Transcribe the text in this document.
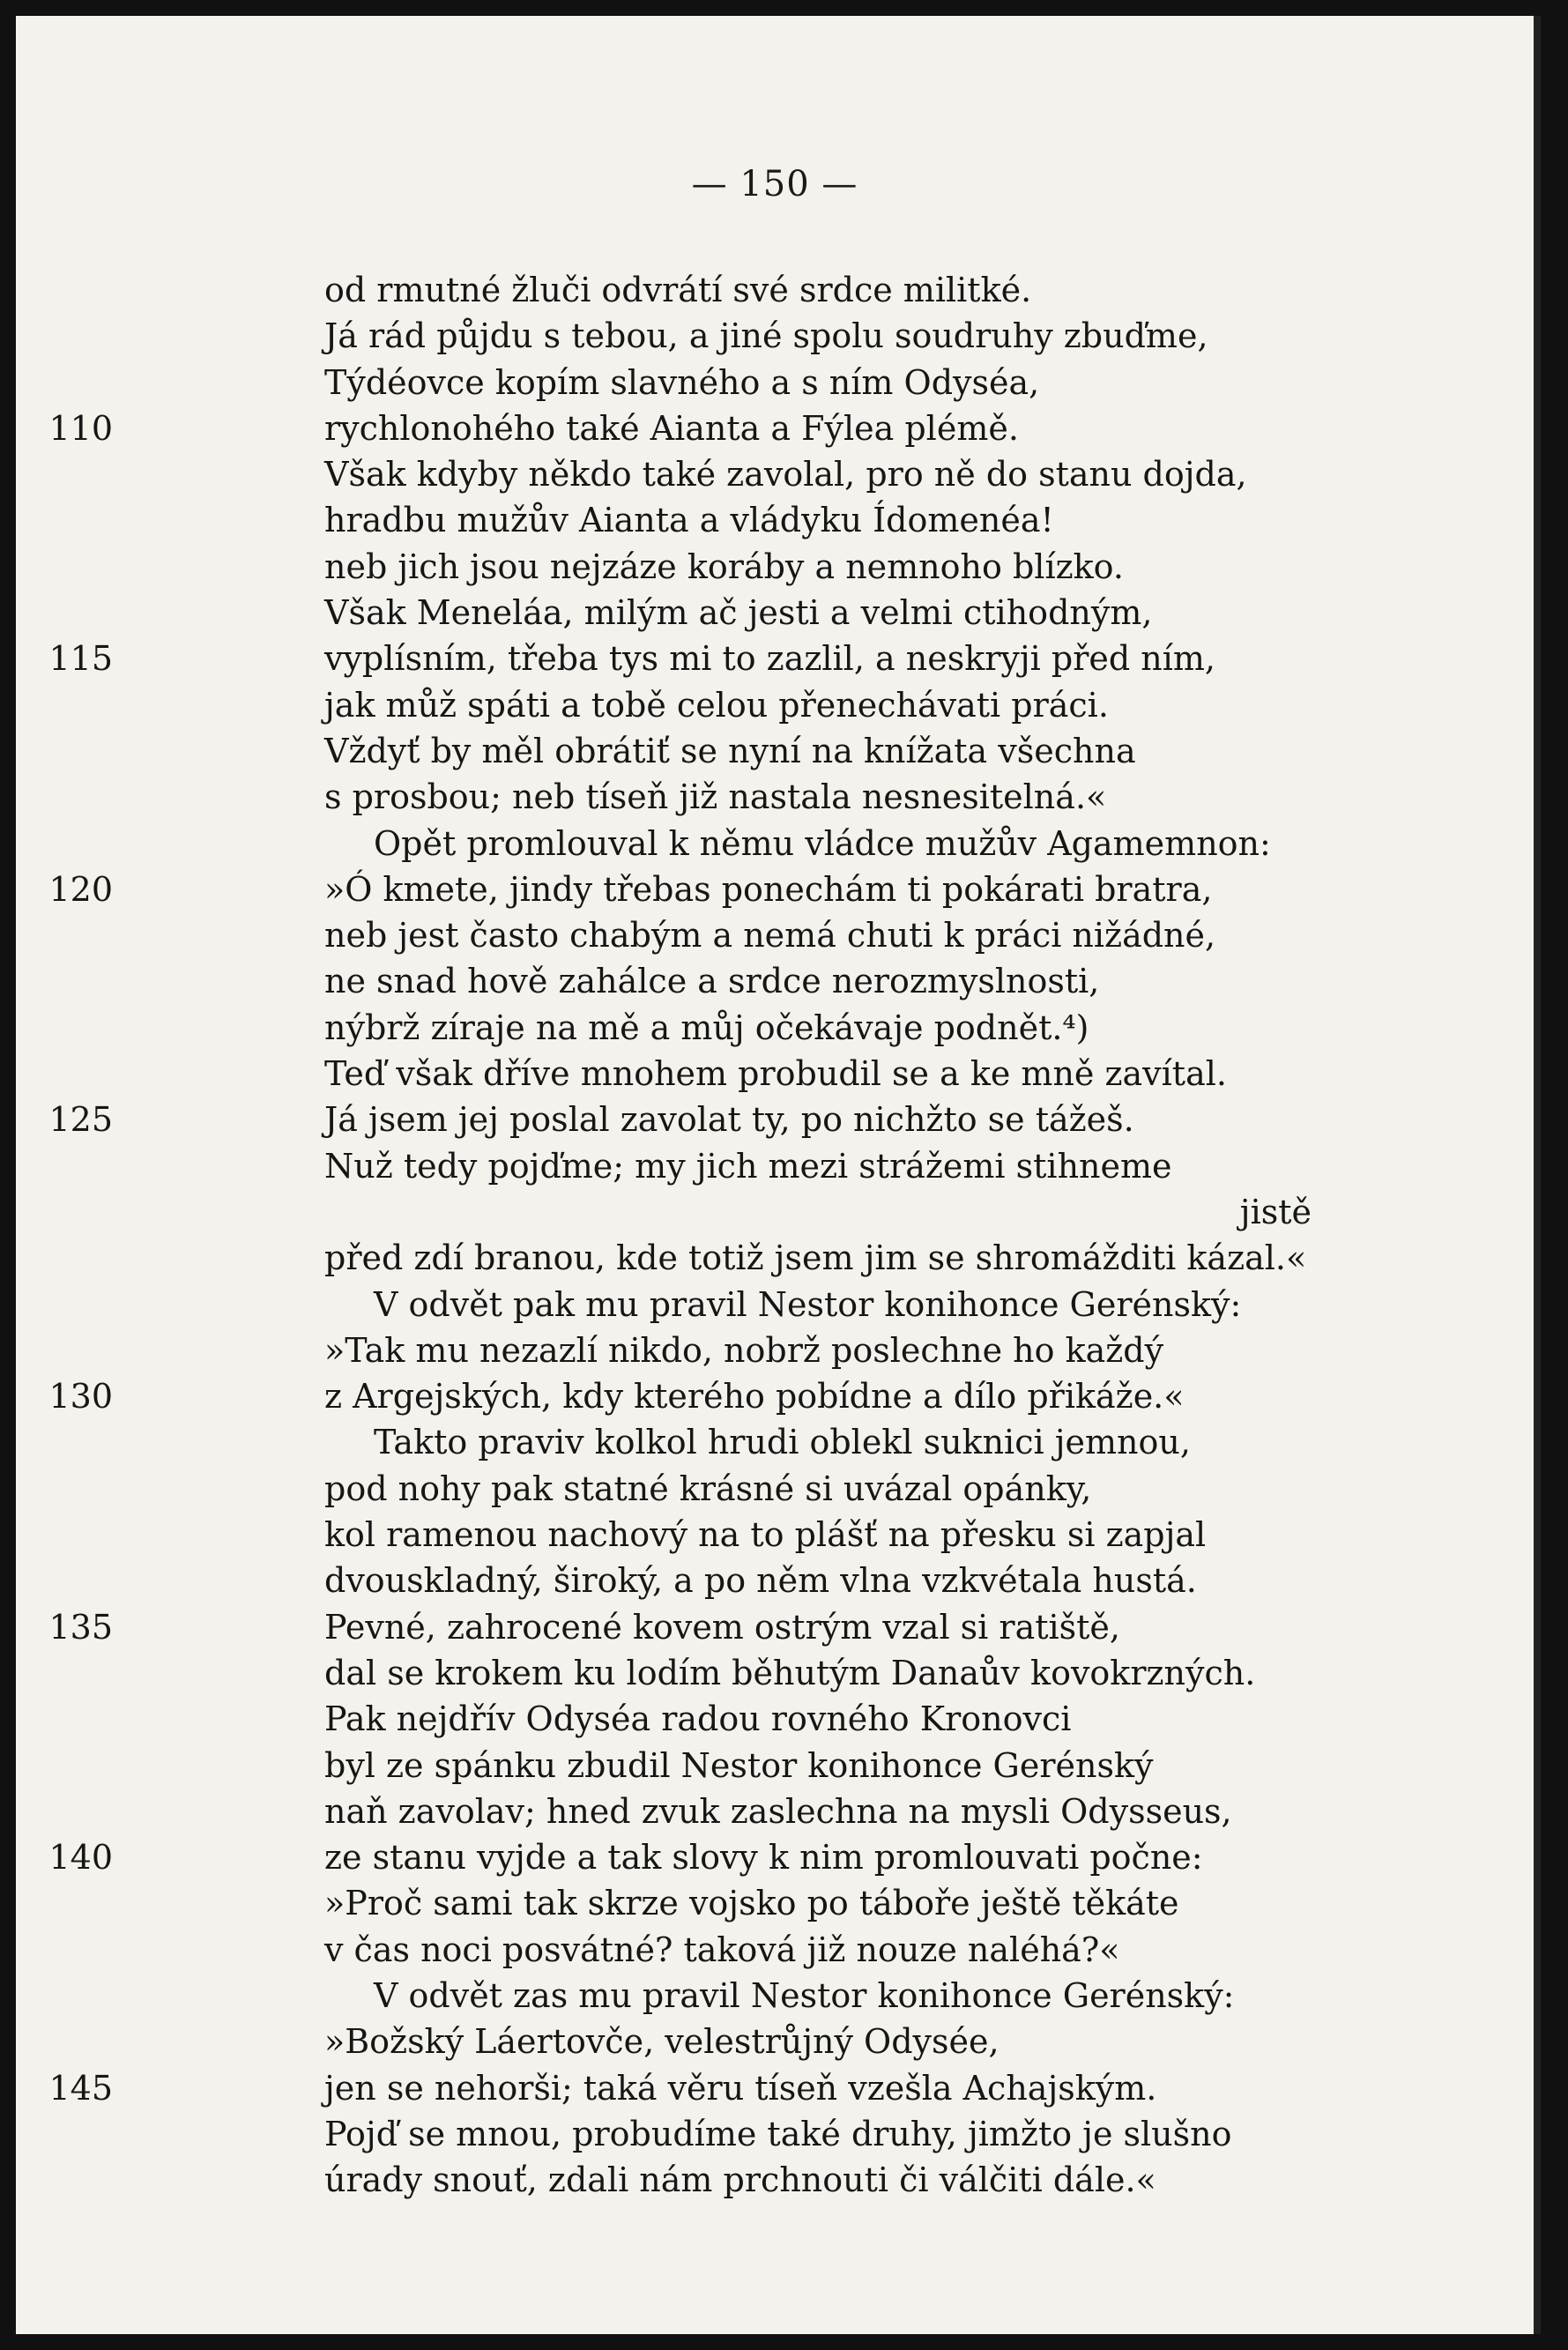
— 150 —
od rmutné žluči odvrátí své srdce militké.
Já rád půjdu s tebou, a jiné spolu soudruhy zbuďme,
Týdéovce kopím slavného a s ním Odyséa,
110	rychlonohého také Aianta a Fýlea plémě.
Však kdyby někdo také zavolal, pro ně do stanu dojda,
hradbu mužův Aianta a vládyku Ídomenéa!
neb jich jsou nejzáze koráby a nemnoho blízko.
Však Meneláa, milým ač jesti a velmi ctihodným,
115	vyplísním, třeba tys mi to zazlil, a neskryji před ním,
jak můž spáti a tobě celou přenechávati práci.
Vždyť by měl obrátiť se nyní na knížata všechna
s prosbou; neb tíseň již nastala nesnesitelná.«
Opět promlouval k němu vládce mužův Agamemnon:
120	»Ó kmete, jindy třebas ponechám ti pokárati bratra,
neb jest často chabým a nemá chuti k práci nižádné,
ne snad hově zahálce a srdce nerozmyslnosti,
nýbrž zíraje na mě a můj očekávaje podnět.⁴)
Teď však dříve mnohem probudil se a ke mně zavítal.
125	Já jsem jej poslal zavolat ty, po nichžto se tážeš.
Nuž tedy pojďme; my jich mezi strážemi stihneme
jistě
před zdí branou, kde totiž jsem jim se shromážditi kázal.«
V odvět pak mu pravil Nestor konihonce Gerénský:
»Tak mu nezazlí nikdo, nobrž poslechne ho každý
130	z Argejských, kdy kterého pobídne a dílo přikáže.«
Takto praviv kolkol hrudi oblekl suknici jemnou,
pod nohy pak statné krásné si uvázal opánky,
kol ramenou nachový na to plášť na přesku si zapjal
dvouskladný, široký, a po něm vlna vzkvétala hustá.
135	Pevné, zahrocené kovem ostrým vzal si ratiště,
dal se krokem ku lodím běhutým Danaův kovokrzných.
Pak nejdřív Odyséa radou rovného Kronovci
byl ze spánku zbudil Nestor konihonce Gerénský
naň zavolav; hned zvuk zaslechna na mysli Odysseus,
140	ze stanu vyjde a tak slovy k nim promlouvati počne:
»Proč sami tak skrze vojsko po táboře ještě těkáte
v čas noci posvátné? taková již nouze naléhá?«
V odvět zas mu pravil Nestor konihonce Gerénský:
»Božský Láertovče, velestrůjný Odysée,
145	jen se nehorši; taká věru tíseň vzešla Achajským.
Pojď se mnou, probudíme také druhy, jimžto je slušno
úrady snouť, zdali nám prchnouti či válčiti dále.«
